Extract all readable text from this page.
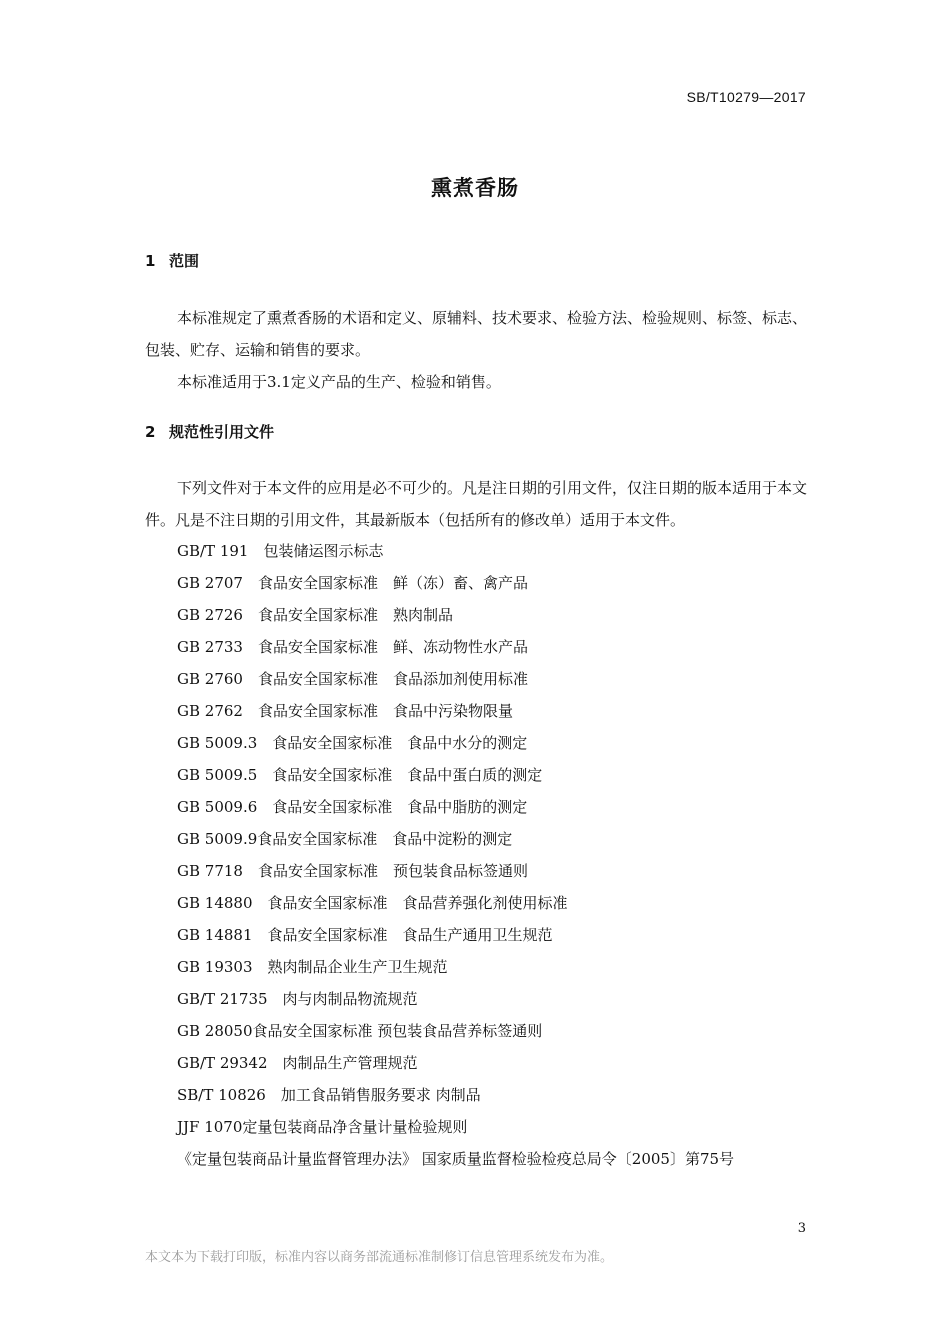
SB/T10279—2017
熏煮香肠
1 范围
本标准规定了熏煮香肠的术语和定义、原辅料、技术要求、检验方法、检验规则、标签、标志、包装、贮存、运输和销售的要求。
本标准适用于3.1定义产品的生产、检验和销售。
2 规范性引用文件
下列文件对于本文件的应用是必不可少的。凡是注日期的引用文件，仅注日期的版本适用于本文件。凡是不注日期的引用文件，其最新版本（包括所有的修改单）适用于本文件。
GB/T 191　包装储运图示标志
GB 2707　食品安全国家标准　鲜（冻）畜、禽产品
GB 2726　食品安全国家标准　熟肉制品
GB 2733　食品安全国家标准　鲜、冻动物性水产品
GB 2760　食品安全国家标准　食品添加剂使用标准
GB 2762　食品安全国家标准　食品中污染物限量
GB 5009.3　食品安全国家标准　食品中水分的测定
GB 5009.5　食品安全国家标准　食品中蛋白质的测定
GB 5009.6　食品安全国家标准　食品中脂肪的测定
GB 5009.9食品安全国家标准　食品中淀粉的测定
GB 7718　食品安全国家标准　预包装食品标签通则
GB 14880　食品安全国家标准　食品营养强化剂使用标准
GB 14881　食品安全国家标准　食品生产通用卫生规范
GB 19303　熟肉制品企业生产卫生规范
GB/T 21735　肉与肉制品物流规范
GB 28050食品安全国家标准 预包装食品营养标签通则
GB/T 29342　肉制品生产管理规范
SB/T 10826　加工食品销售服务要求 肉制品
JJF 1070定量包装商品净含量计量检验规则
《定量包装商品计量监督管理办法》 国家质量监督检验检疫总局令〔2005〕第75号
3
本文本为下载打印版，标准内容以商务部流通标准制修订信息管理系统发布为准。
